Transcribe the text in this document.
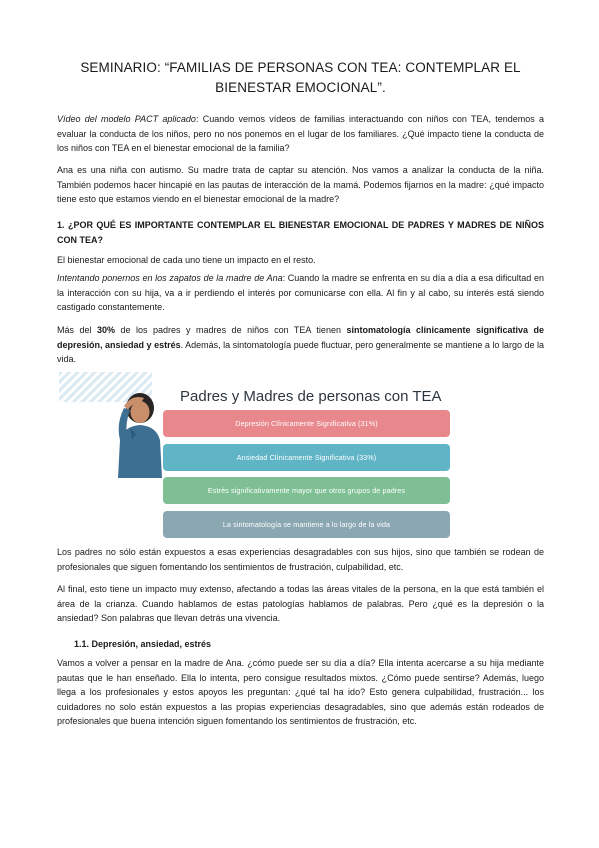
SEMINARIO: “FAMILIAS DE PERSONAS CON TEA: CONTEMPLAR EL
BIENESTAR EMOCIONAL”.

Vídeo del modelo PACT aplicado: Cuando vemos vídeos de familias interactuando con niños con TEA, tendemos a evaluar la conducta de los niños, pero no nos ponemos en el lugar de los familiares. ¿Qué impacto tiene la conducta de los niños con TEA en el bienestar emocional de la familia?

Ana es una niña con autismo. Su madre trata de captar su atención. Nos vamos a analizar la conducta de la niña. También podemos hacer hincapié en las pautas de interacción de la mamá. Podemos fijarnos en la madre: ¿qué impacto tiene esto que estamos viendo en el bienestar emocional de la madre?

1. ¿POR QUÉ ES IMPORTANTE CONTEMPLAR EL BIENESTAR EMOCIONAL DE PADRES Y MADRES DE NIÑOS CON TEA?

El bienestar emocional de cada uno tiene un impacto en el resto.

Intentando ponernos en los zapatos de la madre de Ana: Cuando la madre se enfrenta en su día a día a esa dificultad en la interacción con su hija, va a ir perdiendo el interés por comunicarse con ella. Al fin y al cabo, su interés está siendo castigado constantemente.

Más del 30% de los padres y madres de niños con TEA tienen sintomatología clínicamente significativa de depresión, ansiedad y estrés. Además, la sintomatología puede fluctuar, pero generalmente se mantiene a lo largo de la vida.

Padres y Madres de personas con TEA
Depresión Clínicamente Significativa (31%)
Ansiedad Clínicamente Significativa (33%)
Estrés significativamente mayor que otros grupos de padres
La sintomatología se mantiene a lo largo de la vida

Los padres no sólo están expuestos a esas experiencias desagradables con sus hijos, sino que también se rodean de profesionales que siguen fomentando los sentimientos de frustración, culpabilidad, etc.

Al final, esto tiene un impacto muy extenso, afectando a todas las áreas vitales de la persona, en la que está también el área de la crianza. Cuando hablamos de estas patologías hablamos de palabras. Pero ¿qué es la depresión o la ansiedad? Son palabras que llevan detrás una vivencia.

1.1. Depresión, ansiedad, estrés

Vamos a volver a pensar en la madre de Ana. ¿cómo puede ser su día a día? Ella intenta acercarse a su hija mediante pautas que le han enseñado. Ella lo intenta, pero consigue resultados mixtos. ¿Cómo puede sentirse? Además, luego llega a los profesionales y estos apoyos les preguntan: ¿qué tal ha ido? Esto genera culpabilidad, frustración... los cuidadores no solo están expuestos a las propias experiencias desagradables, sino que además están rodeados de profesionales que buena intención siguen fomentando los sentimientos de frustración, etc.
